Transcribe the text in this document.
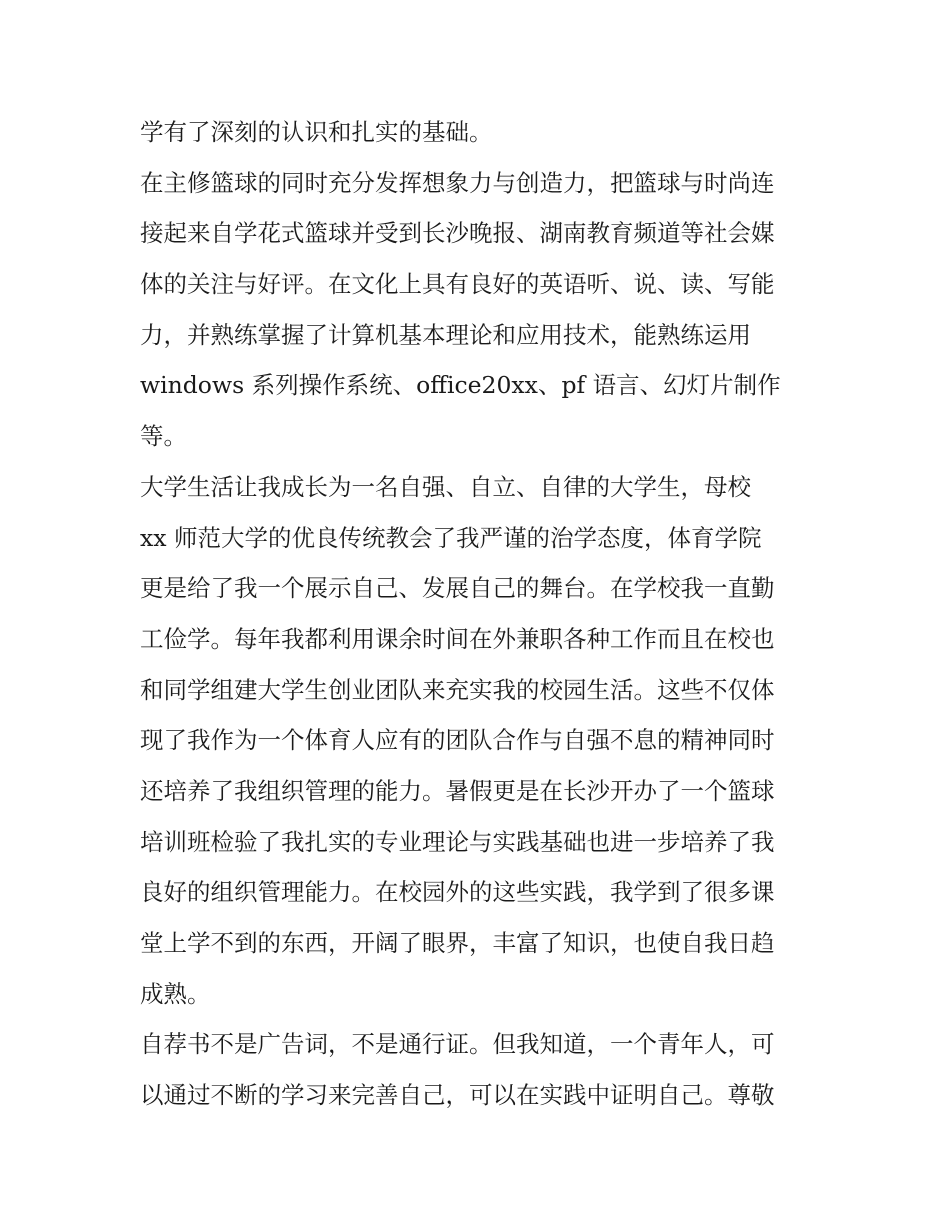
学有了深刻的认识和扎实的基础。
在主修篮球的同时充分发挥想象力与创造力，把篮球与时尚连
接起来自学花式篮球并受到长沙晚报、湖南教育频道等社会媒
体的关注与好评。在文化上具有良好的英语听、说、读、写能
力，并熟练掌握了计算机基本理论和应用技术，能熟练运用
windows 系列操作系统、office20xx、pf 语言、幻灯片制作
等。
大学生活让我成长为一名自强、自立、自律的大学生，母校
xx 师范大学的优良传统教会了我严谨的治学态度，体育学院
更是给了我一个展示自己、发展自己的舞台。在学校我一直勤
工俭学。每年我都利用课余时间在外兼职各种工作而且在校也
和同学组建大学生创业团队来充实我的校园生活。这些不仅体
现了我作为一个体育人应有的团队合作与自强不息的精神同时
还培养了我组织管理的能力。暑假更是在长沙开办了一个篮球
培训班检验了我扎实的专业理论与实践基础也进一步培养了我
良好的组织管理能力。在校园外的这些实践，我学到了很多课
堂上学不到的东西，开阔了眼界，丰富了知识，也使自我日趋
成熟。
自荐书不是广告词，不是通行证。但我知道，一个青年人，可
以通过不断的学习来完善自己，可以在实践中证明自己。尊敬
